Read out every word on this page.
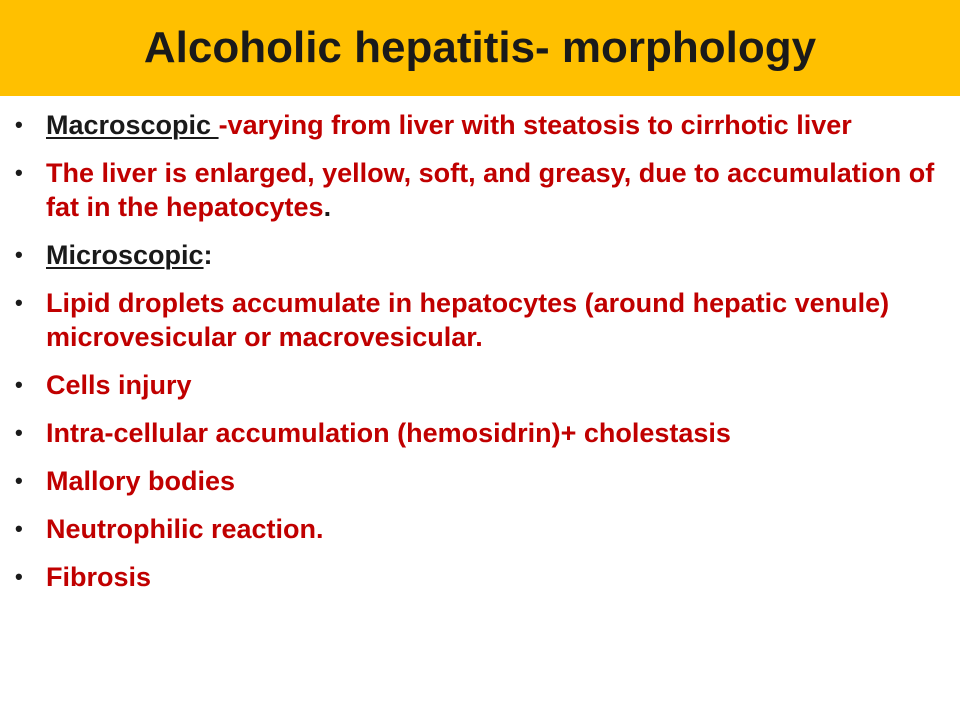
Alcoholic hepatitis- morphology
• Macroscopic -varying from liver with steatosis to cirrhotic liver
• The liver is enlarged, yellow, soft, and greasy, due to accumulation of fat in the hepatocytes.
• Microscopic:
• Lipid droplets accumulate in hepatocytes (around hepatic venule) microvesicular or macrovesicular.
• Cells injury
• Intra-cellular accumulation (hemosidrin)+ cholestasis
• Mallory bodies
• Neutrophilic reaction.
• Fibrosis
